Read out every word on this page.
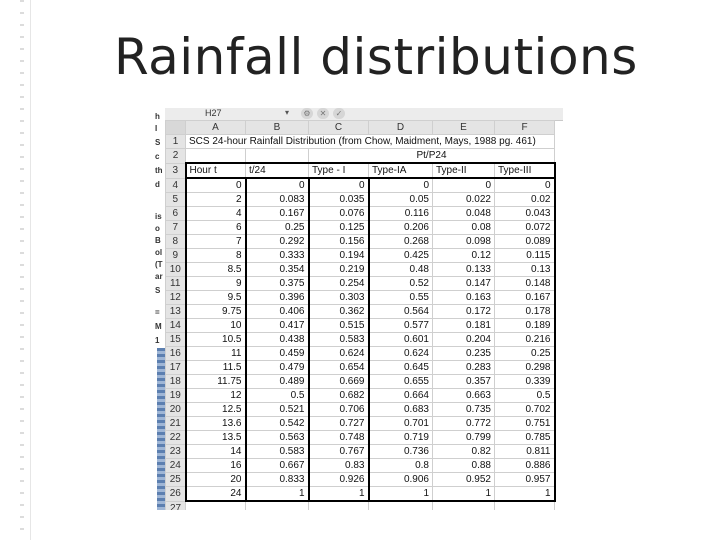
Rainfall distributions
h
I
S
c
th
d
is
o
B
ol
(T
ar
S
=
M
1
H27	▾	⚙	✕	✓
	A	B	C	D	E	F
1	SCS 24-hour Rainfall Distribution (from Chow, Maidment, Mays, 1988 pg. 461)					
2			Pt/P24			
3	Hour t	t/24	Type - I	Type-IA	Type-II	Type-III
4	0	0	0	0	0	0
5	2	0.083	0.035	0.05	0.022	0.02
6	4	0.167	0.076	0.116	0.048	0.043
7	6	0.25	0.125	0.206	0.08	0.072
8	7	0.292	0.156	0.268	0.098	0.089
9	8	0.333	0.194	0.425	0.12	0.115
10	8.5	0.354	0.219	0.48	0.133	0.13
11	9	0.375	0.254	0.52	0.147	0.148
12	9.5	0.396	0.303	0.55	0.163	0.167
13	9.75	0.406	0.362	0.564	0.172	0.178
14	10	0.417	0.515	0.577	0.181	0.189
15	10.5	0.438	0.583	0.601	0.204	0.216
16	11	0.459	0.624	0.624	0.235	0.25
17	11.5	0.479	0.654	0.645	0.283	0.298
18	11.75	0.489	0.669	0.655	0.357	0.339
19	12	0.5	0.682	0.664	0.663	0.5
20	12.5	0.521	0.706	0.683	0.735	0.702
21	13.6	0.542	0.727	0.701	0.772	0.751
22	13.5	0.563	0.748	0.719	0.799	0.785
23	14	0.583	0.767	0.736	0.82	0.811
24	16	0.667	0.83	0.8	0.88	0.886
25	20	0.833	0.926	0.906	0.952	0.957
26	24	1	1	1	1	1
27						
